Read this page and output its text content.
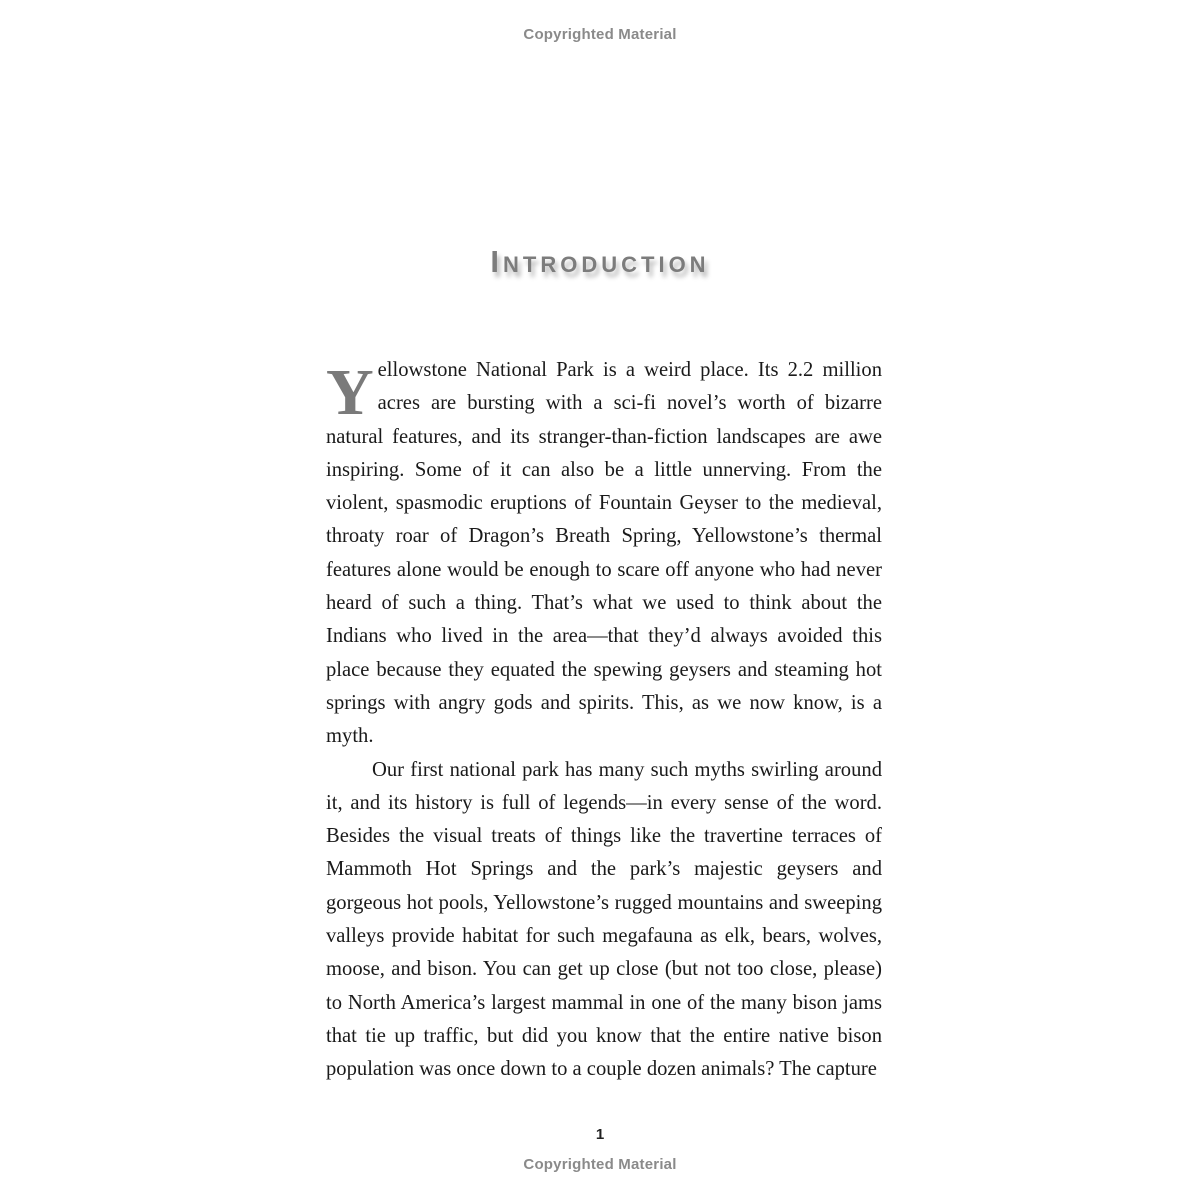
Copyrighted Material
Introduction

Yellowstone National Park is a weird place. Its 2.2 million acres are bursting with a sci-fi novel’s worth of bizarre natural features, and its stranger-than-fiction landscapes are awe inspiring. Some of it can also be a little unnerving. From the violent, spasmodic eruptions of Fountain Geyser to the medieval, throaty roar of Dragon’s Breath Spring, Yellowstone’s thermal features alone would be enough to scare off anyone who had never heard of such a thing. That’s what we used to think about the Indians who lived in the area—that they’d always avoided this place because they equated the spewing geysers and steaming hot springs with angry gods and spirits. This, as we now know, is a myth.

Our first national park has many such myths swirling around it, and its history is full of legends—in every sense of the word. Besides the visual treats of things like the travertine terraces of Mammoth Hot Springs and the park’s majestic geysers and gorgeous hot pools, Yellowstone’s rugged mountains and sweeping valleys provide habitat for such megafauna as elk, bears, wolves, moose, and bison. You can get up close (but not too close, please) to North America’s largest mammal in one of the many bison jams that tie up traffic, but did you know that the entire native bison population was once down to a couple dozen animals? The capture

1
Copyrighted Material
